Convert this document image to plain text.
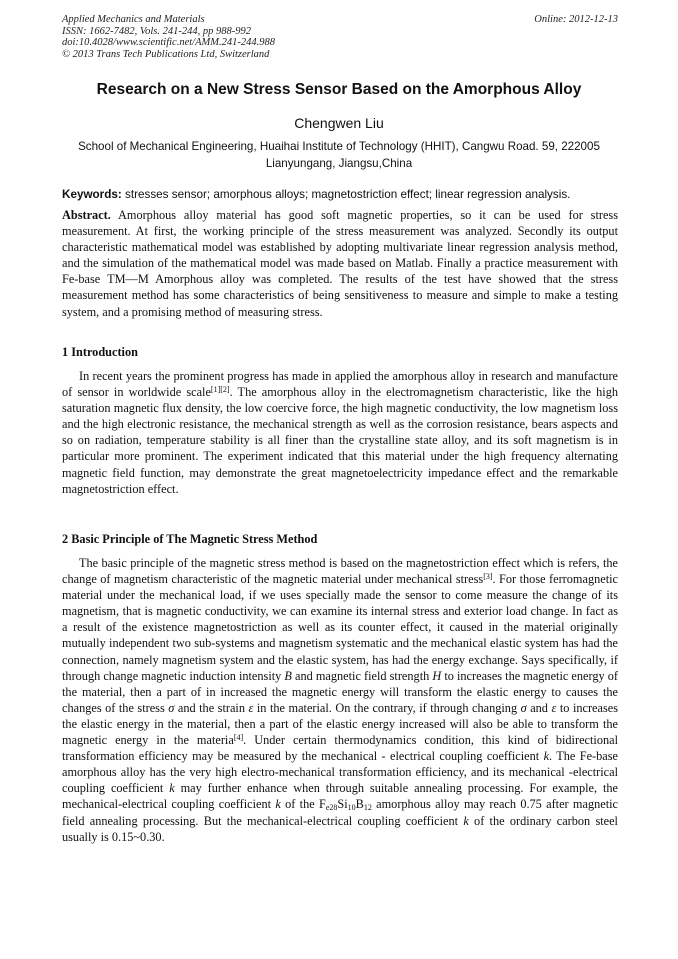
Applied Mechanics and Materials
ISSN: 1662-7482, Vols. 241-244, pp 988-992
doi:10.4028/www.scientific.net/AMM.241-244.988
© 2013 Trans Tech Publications Ltd, Switzerland
Online: 2012-12-13
Research on a New Stress Sensor Based on the Amorphous Alloy
Chengwen Liu
School of Mechanical Engineering, Huaihai Institute of Technology (HHIT), Cangwu Road. 59, 222005 Lianyungang, Jiangsu,China
Keywords: stresses sensor; amorphous alloys; magnetostriction effect; linear regression analysis.
Abstract. Amorphous alloy material has good soft magnetic properties, so it can be used for stress measurement. At first, the working principle of the stress measurement was analyzed. Secondly its output characteristic mathematical model was established by adopting multivariate linear regression analysis method, and the simulation of the mathematical model was made based on Matlab. Finally a practice measurement with Fe-base TM—M Amorphous alloy was completed. The results of the test have showed that the stress measurement method has some characteristics of being sensitiveness to measure and simple to make a testing system, and a promising method of measuring stress.
1 Introduction
In recent years the prominent progress has made in applied the amorphous alloy in research and manufacture of sensor in worldwide scale[1][2]. The amorphous alloy in the electromagnetism characteristic, like the high saturation magnetic flux density, the low coercive force, the high magnetic conductivity, the low magnetism loss and the high electronic resistance, the mechanical strength as well as the corrosion resistance, bears aspects and so on radiation, temperature stability is all finer than the crystalline state alloy, and its soft magnetism is in particular more prominent. The experiment indicated that this material under the high frequency alternating magnetic field function, may demonstrate the great magnetoelectricity impedance effect and the remarkable magnetostriction effect.
2 Basic Principle of The Magnetic Stress Method
The basic principle of the magnetic stress method is based on the magnetostriction effect which is refers, the change of magnetism characteristic of the magnetic material under mechanical stress[3]. For those ferromagnetic material under the mechanical load, if we uses specially made the sensor to come measure the change of its magnetism, that is magnetic conductivity, we can examine its internal stress and exterior load change. In fact as a result of the existence magnetostriction as well as its counter effect, it caused in the material originally mutually independent two sub-systems and magnetism systematic and the mechanical elastic system has had the connection, namely magnetism system and the elastic system, has had the energy exchange. Says specifically, if through change magnetic induction intensity B and magnetic field strength H to increases the magnetic energy of the material, then a part of in increased the magnetic energy will transform the elastic energy to causes the changes of the stress σ and the strain ε in the material. On the contrary, if through changing σ and ε to increases the elastic energy in the material, then a part of the elastic energy increased will also be able to transform the magnetic energy in the materia[4]. Under certain thermodynamics condition, this kind of bidirectional transformation efficiency may be measured by the mechanical - electrical coupling coefficient k. The Fe-base amorphous alloy has the very high electro-mechanical transformation efficiency, and its mechanical -electrical coupling coefficient k may further enhance when through suitable annealing processing. For example, the mechanical-electrical coupling coefficient k of the $F_{e28}Si_{10}B_{12}$ amorphous alloy may reach 0.75 after magnetic field annealing processing. But the mechanical-electrical coupling coefficient k of the ordinary carbon steel usually is 0.15~0.30.
